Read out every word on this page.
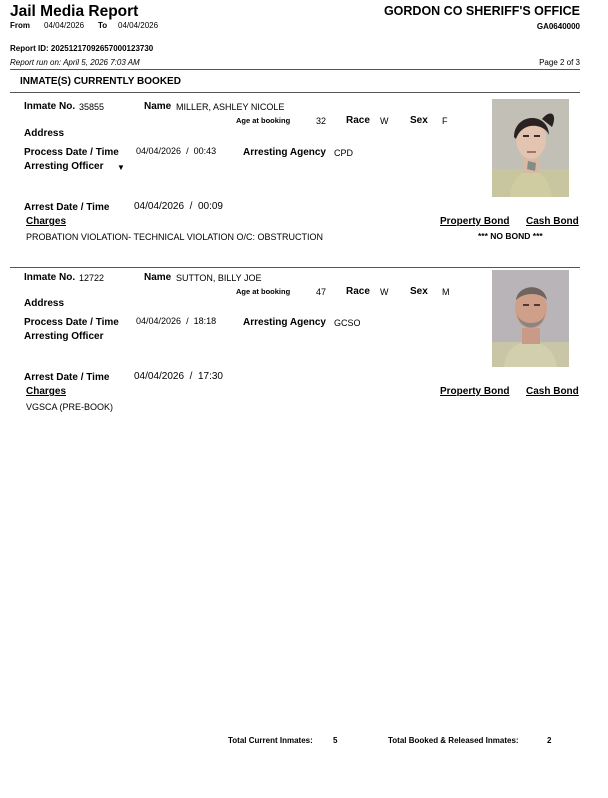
Jail Media Report
From 04/04/2026 To 04/04/2026
GORDON CO SHERIFF'S OFFICE
GA0640000
Report ID: 20251217092657000123730
Report run on: April 5, 2026 7:03 AM	Page 2 of 3
INMATE(S) CURRENTLY BOOKED
Inmate No. 35855	Name MILLER, ASHLEY NICOLE
Age at booking	32 Race W Sex F
Address
Process Date / Time 04/04/2026 / 00:43	Arresting Agency CPD
Arresting Officer ▼
Arrest Date / Time 04/04/2026 / 00:09
Charges	Property Bond Cash Bond
PROBATION VIOLATION- TECHNICAL VIOLATION O/C: OBSTRUCTION	*** NO BOND ***
Inmate No. 12722	Name SUTTON, BILLY JOE
Age at booking	47 Race W Sex M
Address
Process Date / Time 04/04/2026 / 18:18	Arresting Agency GCSO
Arresting Officer
Arrest Date / Time 04/04/2026 / 17:30
Charges	Property Bond Cash Bond
VGSCA (PRE-BOOK)
Total Current Inmates:	5	Total Booked & Released Inmates:	2
